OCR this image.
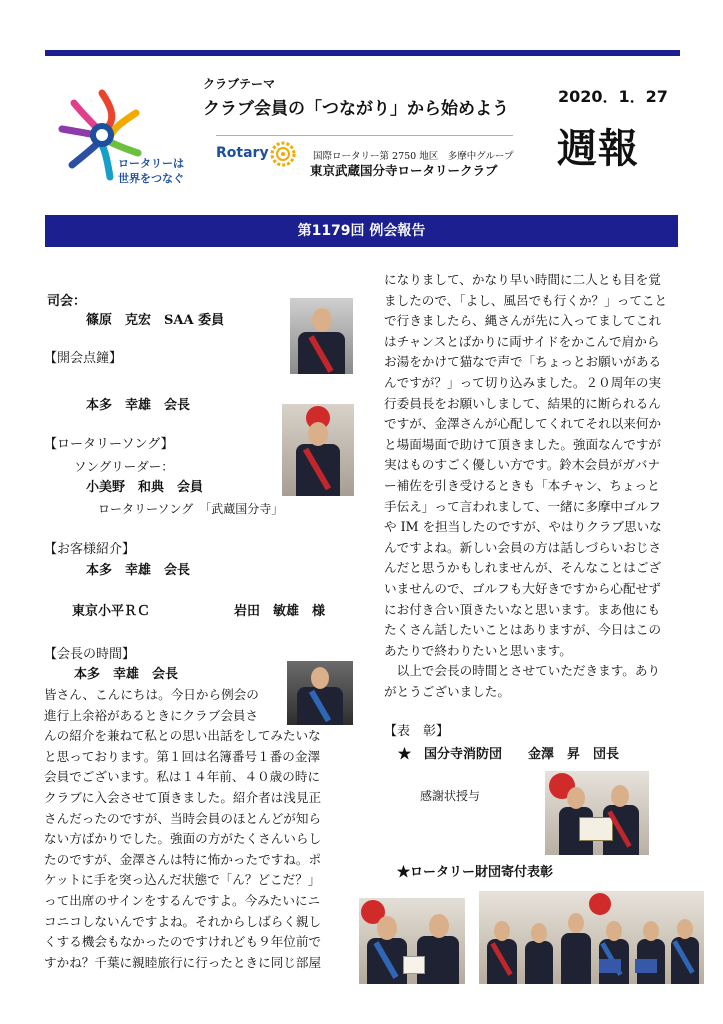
ロータリーは
世界をつなぐ
クラブテーマ
クラブ会員の「つながり」から始めよう
Rotary	国際ロータリー第 2750 地区　多摩中グループ
東京武蔵国分寺ロータリークラブ
2020．1．27
週報
第1179回 例会報告
司会：
篠原　克宏　SAA 委員
【開会点鐘】
本多　幸雄　会長
【ロータリーソング】
ソングリーダー：
小美野　和典　会員
ロータリーソング　「武蔵国分寺」
【お客様紹介】
本多　幸雄　会長
東京小平ＲＣ	岩田　敏雄　様
【会長の時間】
本多　幸雄　会長
皆さん、こんにちは。今日から例会の
進行上余裕があるときにクラブ会員さ
んの紹介を兼ねて私との思い出話をしてみたいな
と思っております。第１回は名簿番号１番の金澤
会員でございます。私は１４年前、４０歳の時に
クラブに入会させて頂きました。紹介者は浅見正
さんだったのですが、当時会員のほとんどが知ら
ない方ばかりでした。強面の方がたくさんいらし
たのですが、金澤さんは特に怖かったですね。ポ
ケットに手を突っ込んだ状態で「ん？どこだ？」
って出席のサインをするんですよ。今みたいにニ
コニコしないんですよね。それからしばらく親し
くする機会もなかったのですけれども９年位前で
すかね？千葉に親睦旅行に行ったときに同じ部屋
になりまして、かなり早い時間に二人とも目を覚
ましたので、「よし、風呂でも行くか？」ってこと
で行きましたら、縄さんが先に入ってましてこれ
はチャンスとばかりに両サイドをかこんで肩から
お湯をかけて猫なで声で「ちょっとお願いがある
んですが？」って切り込みました。２０周年の実
行委員長をお願いしまして、結果的に断られるん
ですが、金澤さんが心配してくれてそれ以来何か
と場面場面で助けて頂きました。強面なんですが
実はものすごく優しい方です。鈴木会員がガバナ
ー補佐を引き受けるときも「本チャン、ちょっと
手伝え」って言われまして、一緒に多摩中ゴルフ
や IM を担当したのですが、やはりクラブ思いな
んですよね。新しい会員の方は話しづらいおじさ
んだと思うかもしれませんが、そんなことはござ
いませんので、ゴルフも大好きですから心配せず
にお付き合い頂きたいなと思います。まあ他にも
たくさん話したいことはありますが、今日はこの
あたりで終わりたいと思います。
　以上で会長の時間とさせていただきます。あり
がとうございました。
【表　彰】
★　国分寺消防団　　金澤　昇　団長
感謝状授与
★ロータリー財団寄付表彰
